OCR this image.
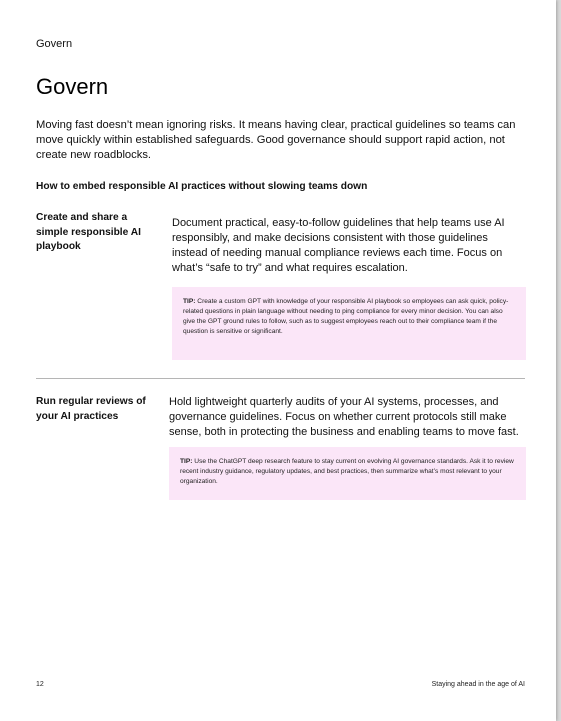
Govern
Govern

Moving fast doesn’t mean ignoring risks. It means having clear, practical guidelines so teams can move quickly within established safeguards. Good governance should support rapid action, not create new roadblocks.

How to embed responsible AI practices without slowing teams down

Create and share a simple responsible AI playbook

Document practical, easy-to-follow guidelines that help teams use AI responsibly, and make decisions consistent with those guidelines instead of needing manual compliance reviews each time. Focus on what’s “safe to try” and what requires escalation.

TIP: Create a custom GPT with knowledge of your responsible AI playbook so employees can ask quick, policy-related questions in plain language without needing to ping compliance for every minor decision. You can also give the GPT ground rules to follow, such as to suggest employees reach out to their compliance team if the question is sensitive or significant.

Run regular reviews of your AI practices

Hold lightweight quarterly audits of your AI systems, processes, and governance guidelines. Focus on whether current protocols still make sense, both in protecting the business and enabling teams to move fast.

TIP: Use the ChatGPT deep research feature to stay current on evolving AI governance standards. Ask it to review recent industry guidance, regulatory updates, and best practices, then summarize what’s most relevant to your organization.
12	Staying ahead in the age of AI
